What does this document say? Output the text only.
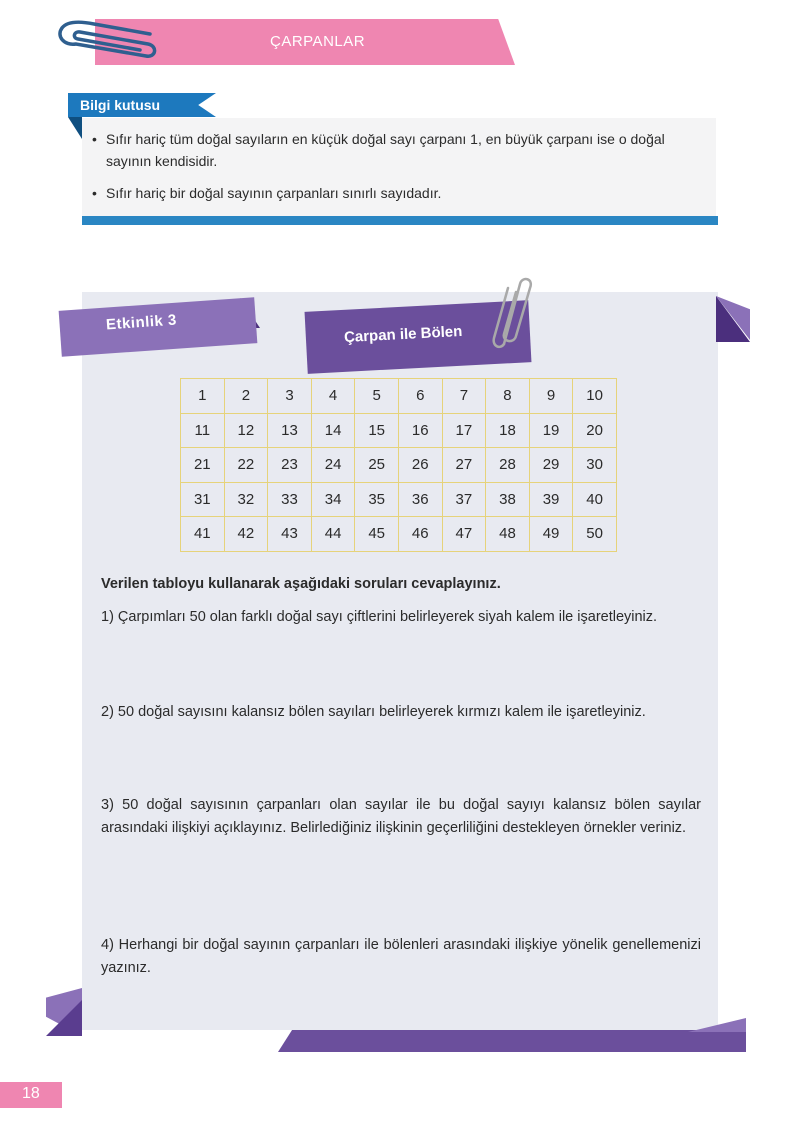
ÇARPANLAR
Bilgi kutusu
• Sıfır hariç tüm doğal sayıların en küçük doğal sayı çarpanı 1, en büyük çarpanı ise o doğal sayının kendisidir.
• Sıfır hariç bir doğal sayının çarpanları sınırlı sayıdadır.
Etkinlik 3
Çarpan ile Bölen
1	2	3	4	5	6	7	8	9	10
11	12	13	14	15	16	17	18	19	20
21	22	23	24	25	26	27	28	29	30
31	32	33	34	35	36	37	38	39	40
41	42	43	44	45	46	47	48	49	50
Verilen tabloyu kullanarak aşağıdaki soruları cevaplayınız.
1) Çarpımları 50 olan farklı doğal sayı çiftlerini belirleyerek siyah kalem ile işaretleyiniz.
2) 50 doğal sayısını kalansız bölen sayıları belirleyerek kırmızı kalem ile işaretleyiniz.
3) 50 doğal sayısının çarpanları olan sayılar ile bu doğal sayıyı kalansız bölen sayılar arasındaki ilişkiyi açıklayınız. Belirlediğiniz ilişkinin geçerliliğini destekleyen örnekler veriniz.
4) Herhangi bir doğal sayının çarpanları ile bölenleri arasındaki ilişkiye yönelik genellemenizi yazınız.
18
